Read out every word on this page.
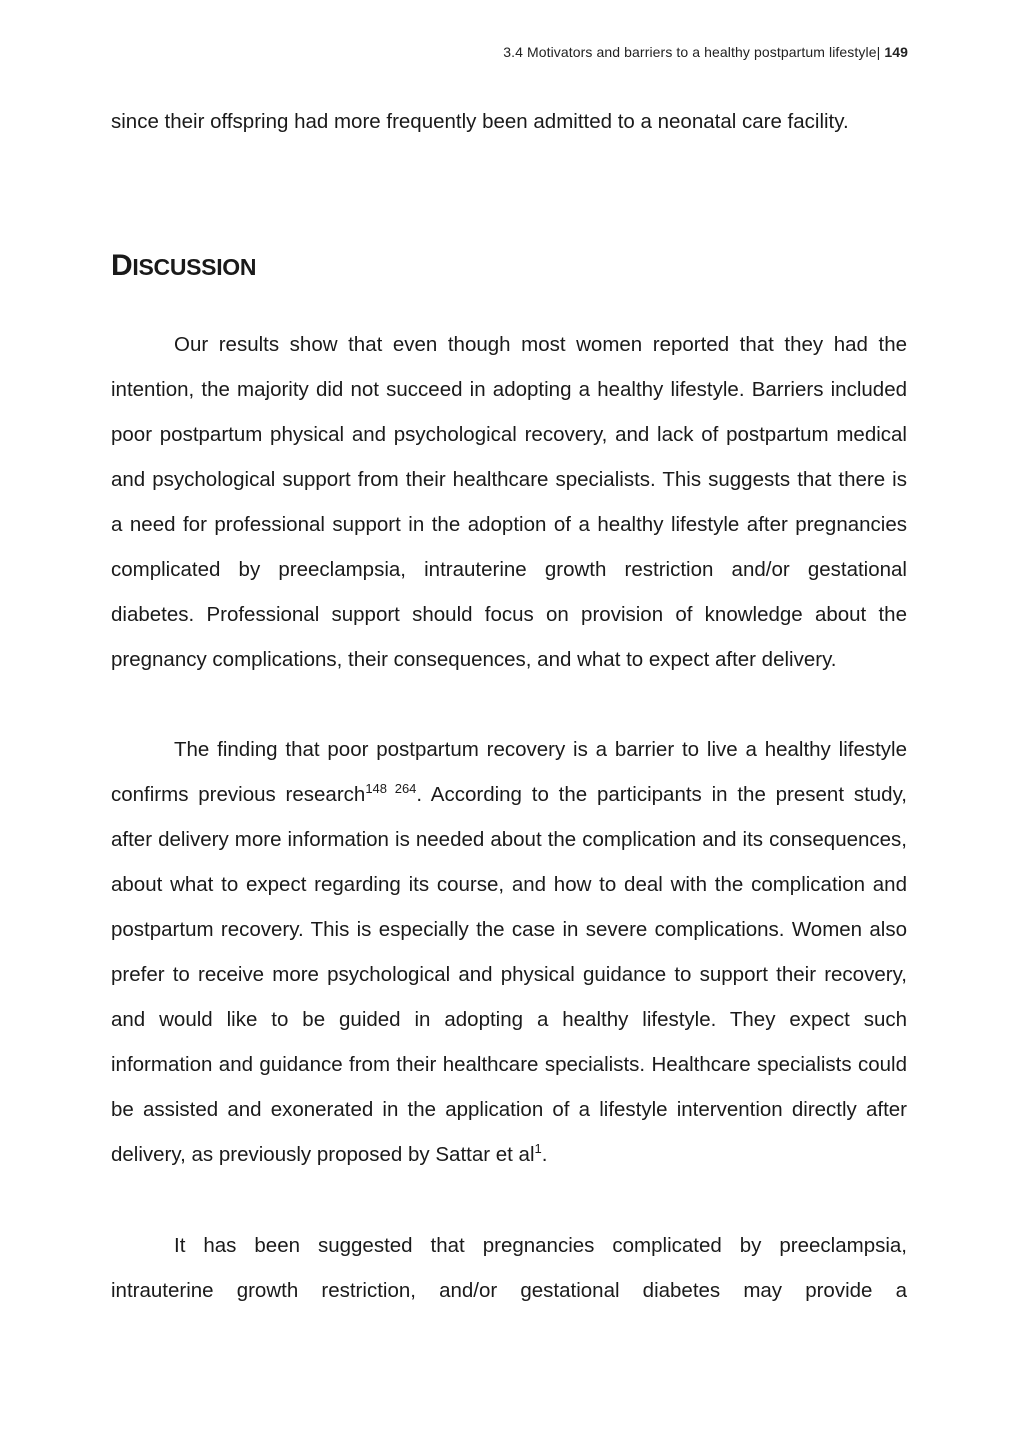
3.4 Motivators and barriers to a healthy postpartum lifestyle| 149

since their offspring had more frequently been admitted to a neonatal care facility.

DISCUSSION

Our results show that even though most women reported that they had the intention, the majority did not succeed in adopting a healthy lifestyle. Barriers included poor postpartum physical and psychological recovery, and lack of postpartum medical and psychological support from their healthcare specialists. This suggests that there is a need for professional support in the adoption of a healthy lifestyle after pregnancies complicated by preeclampsia, intrauterine growth restriction and/or gestational diabetes. Professional support should focus on provision of knowledge about the pregnancy complications, their consequences, and what to expect after delivery.

The finding that poor postpartum recovery is a barrier to live a healthy lifestyle confirms previous research$^{148 264}$. According to the participants in the present study, after delivery more information is needed about the complication and its consequences, about what to expect regarding its course, and how to deal with the complication and postpartum recovery. This is especially the case in severe complications. Women also prefer to receive more psychological and physical guidance to support their recovery, and would like to be guided in adopting a healthy lifestyle. They expect such information and guidance from their healthcare specialists. Healthcare specialists could be assisted and exonerated in the application of a lifestyle intervention directly after delivery, as previously proposed by Sattar et $al^1$.

It has been suggested that pregnancies complicated by preeclampsia, intrauterine growth restriction, and/or gestational diabetes may provide a
